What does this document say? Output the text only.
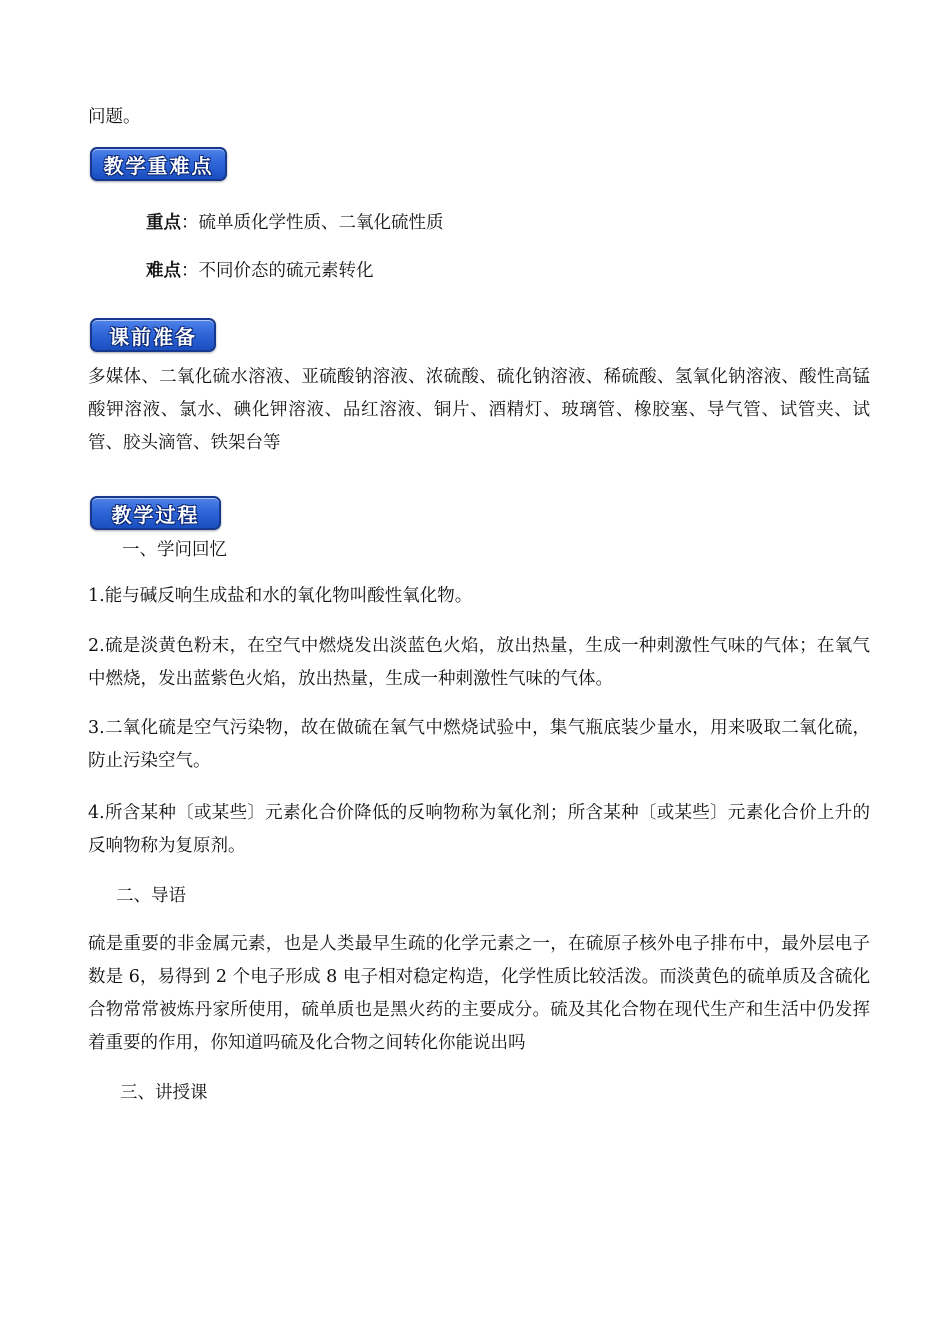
问题。
教学重难点
重点：硫单质化学性质、二氧化硫性质
难点：不同价态的硫元素转化
课前准备
多媒体、二氧化硫水溶液、亚硫酸钠溶液、浓硫酸、硫化钠溶液、稀硫酸、氢氧化钠溶液、酸性高锰酸钾溶液、氯水、碘化钾溶液、品红溶液、铜片、酒精灯、玻璃管、橡胶塞、导气管、试管夹、试管、胶头滴管、铁架台等
教学过程
一、学问回忆
1.能与碱反响生成盐和水的氧化物叫酸性氧化物。
2.硫是淡黄色粉末，在空气中燃烧发出淡蓝色火焰，放出热量，生成一种刺激性气味的气体；在氧气中燃烧，发出蓝紫色火焰，放出热量，生成一种刺激性气味的气体。
3.二氧化硫是空气污染物，故在做硫在氧气中燃烧试验中，集气瓶底装少量水，用来吸取二氧化硫，防止污染空气。
4.所含某种〔或某些〕元素化合价降低的反响物称为氧化剂；所含某种〔或某些〕元素化合价上升的反响物称为复原剂。
二、导语
硫是重要的非金属元素，也是人类最早生疏的化学元素之一，在硫原子核外电子排布中，最外层电子数是 6，易得到 2 个电子形成 8 电子相对稳定构造，化学性质比较活泼。而淡黄色的硫单质及含硫化合物常常被炼丹家所使用，硫单质也是黑火药的主要成分。硫及其化合物在现代生产和生活中仍发挥着重要的作用，你知道吗硫及化合物之间转化你能说出吗
三、讲授课
